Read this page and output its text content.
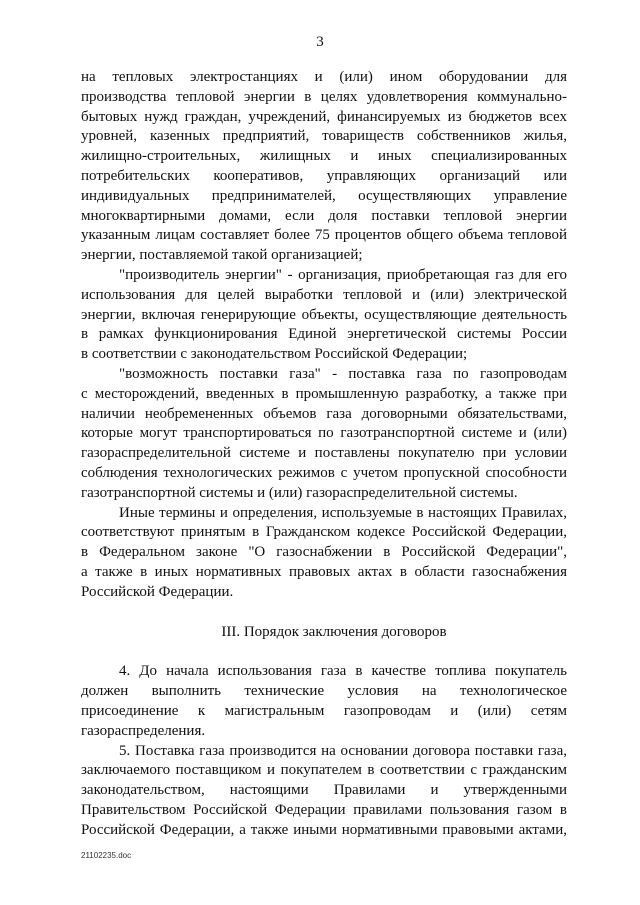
3
на тепловых электростанциях и (или) ином оборудовании для
производства тепловой энергии в целях удовлетворения коммунально-
бытовых нужд граждан, учреждений, финансируемых из бюджетов всех
уровней, казенных предприятий, товариществ собственников жилья,
жилищно-строительных, жилищных и иных специализированных
потребительских кооперативов, управляющих организаций или
индивидуальных предпринимателей, осуществляющих управление
многоквартирными домами, если доля поставки тепловой энергии
указанным лицам составляет более 75 процентов общего объема тепловой
энергии, поставляемой такой организацией;
"производитель энергии" - организация, приобретающая газ для его
использования для целей выработки тепловой и (или) электрической
энергии, включая генерирующие объекты, осуществляющие деятельность
в рамках функционирования Единой энергетической системы России
в соответствии с законодательством Российской Федерации;
"возможность поставки газа" - поставка газа по газопроводам
с месторождений, введенных в промышленную разработку, а также при
наличии необремененных объемов газа договорными обязательствами,
которые могут транспортироваться по газотранспортной системе и (или)
газораспределительной системе и поставлены покупателю при условии
соблюдения технологических режимов с учетом пропускной способности
газотранспортной системы и (или) газораспределительной системы.
Иные термины и определения, используемые в настоящих Правилах,
соответствуют принятым в Гражданском кодексе Российской Федерации,
в Федеральном законе "О газоснабжении в Российской Федерации",
а также в иных нормативных правовых актах в области газоснабжения
Российской Федерации.
III. Порядок заключения договоров
4. До начала использования газа в качестве топлива покупатель
должен выполнить технические условия на технологическое
присоединение к магистральным газопроводам и (или) сетям
газораспределения.
5. Поставка газа производится на основании договора поставки газа,
заключаемого поставщиком и покупателем в соответствии с гражданским
законодательством, настоящими Правилами и утвержденными
Правительством Российской Федерации правилами пользования газом в
Российской Федерации, а также иными нормативными правовыми актами,
21102235.doc
